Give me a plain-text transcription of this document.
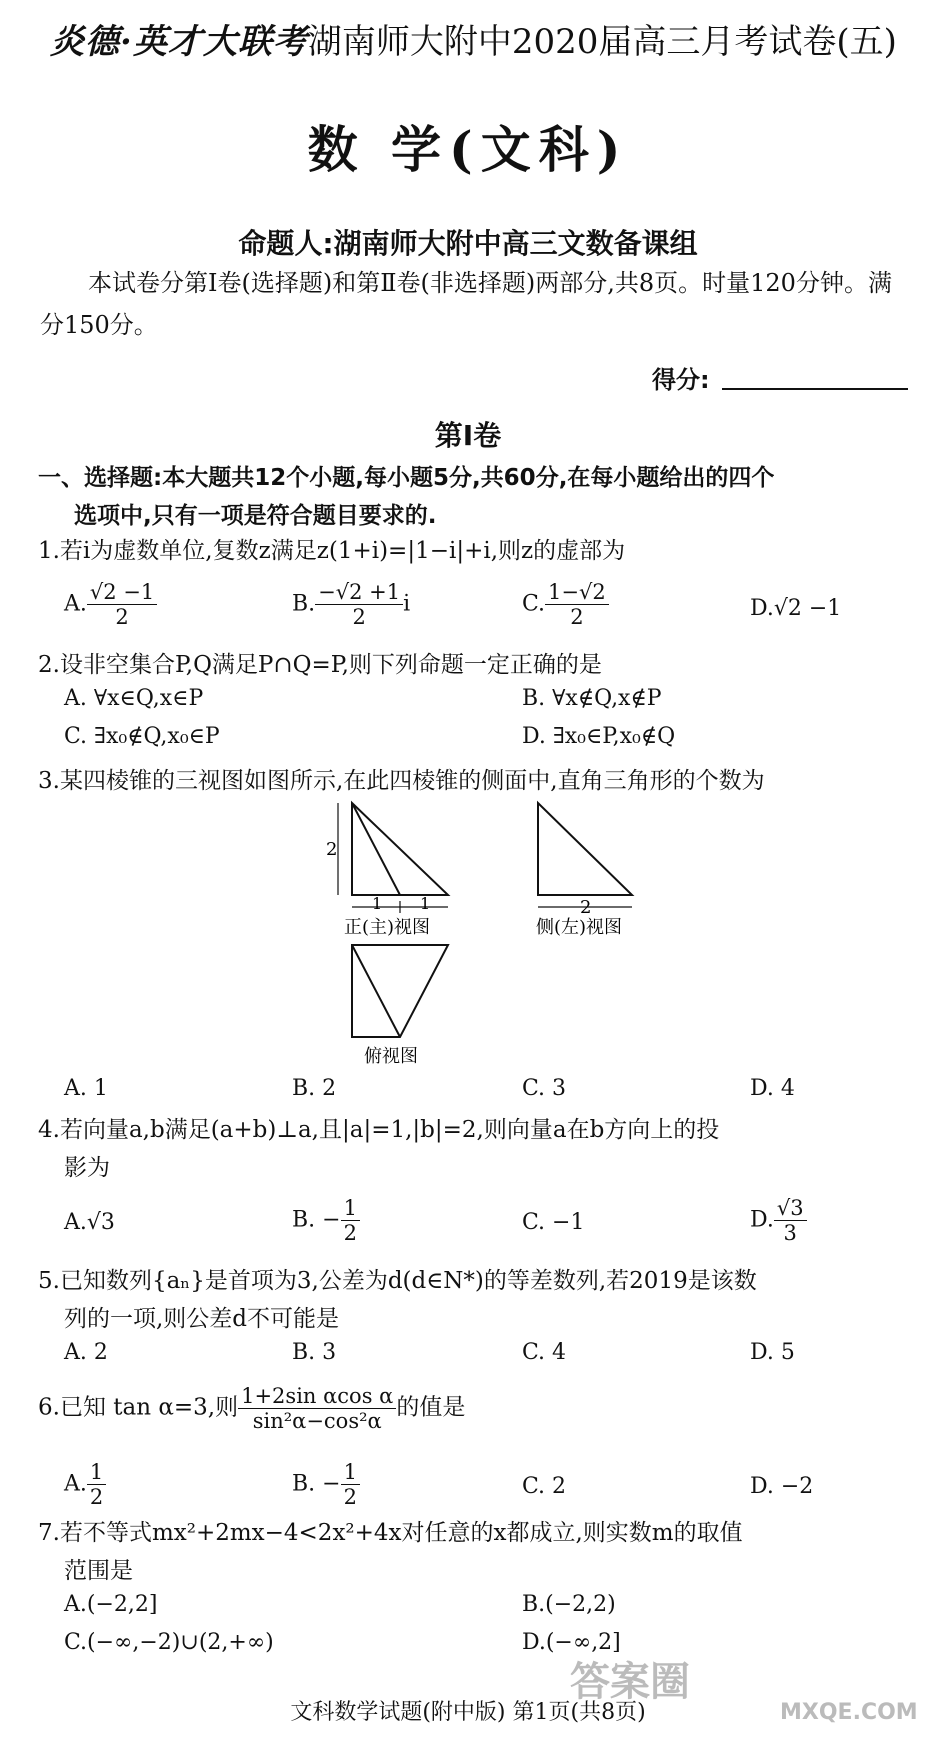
炎德·英才大联考湖南师大附中2020届高三月考试卷(五)
数 学(文科)
命题人:湖南师大附中高三文数备课组
本试卷分第Ⅰ卷(选择题)和第Ⅱ卷(非选择题)两部分,共8页。时量120分钟。满分150分。
得分:
第Ⅰ卷
一、选择题:本大题共12个小题,每小题5分,共60分,在每小题给出的四个
选项中,只有一项是符合题目要求的.
1.若i为虚数单位,复数z满足z(1+i)=|1−i|+i,则z的虚部为
A. $\frac{√2 -1}{2}$	B. $\frac{-√2 +1}{2}$ i	C. $\frac{1-√2}{2}$	D.√2 −1
2.设非空集合P,Q满足P∩Q=P,则下列命题一定正确的是
A. ∀x∈Q,x∈P	B. ∀x∉Q,x∉P
C. ∃x₀∉Q,x₀∈P	D. ∃x₀∈P,x₀∉Q
3.某四棱锥的三视图如图所示,在此四棱锥的侧面中,直角三角形的个数为
2
1 1
正(主)视图
2
侧(左)视图
俯视图
A. 1	B. 2	C. 3	D. 4
4.若向量a,b满足(a+b)⊥a,且|a|=1,|b|=2,则向量a在b方向上的投
影为
A.√3	B. − $\frac{1}{2}$	C. −1	D. $\frac{√3}{3}$
5.已知数列{aₙ}是首项为3,公差为d(d∈N*)的等差数列,若2019是该数
列的一项,则公差d不可能是
A. 2	B. 3	C. 4	D. 5
6.已知 tan α=3,则 $\frac{\text{1+2sin αcos α}}{\text{sin²α−cos²α}}$ 的值是
A. $\frac{1}{2}$	B. − $\frac{1}{2}$	C. 2	D. −2
7.若不等式mx²+2mx−4<2x²+4x对任意的x都成立,则实数m的取值
范围是
A.(−2,2]	B.(−2,2)
C.(−∞,−2)∪(2,+∞)	D.(−∞,2]
答案圈
MXQE.COM
文科数学试题(附中版) 第1页(共8页)
